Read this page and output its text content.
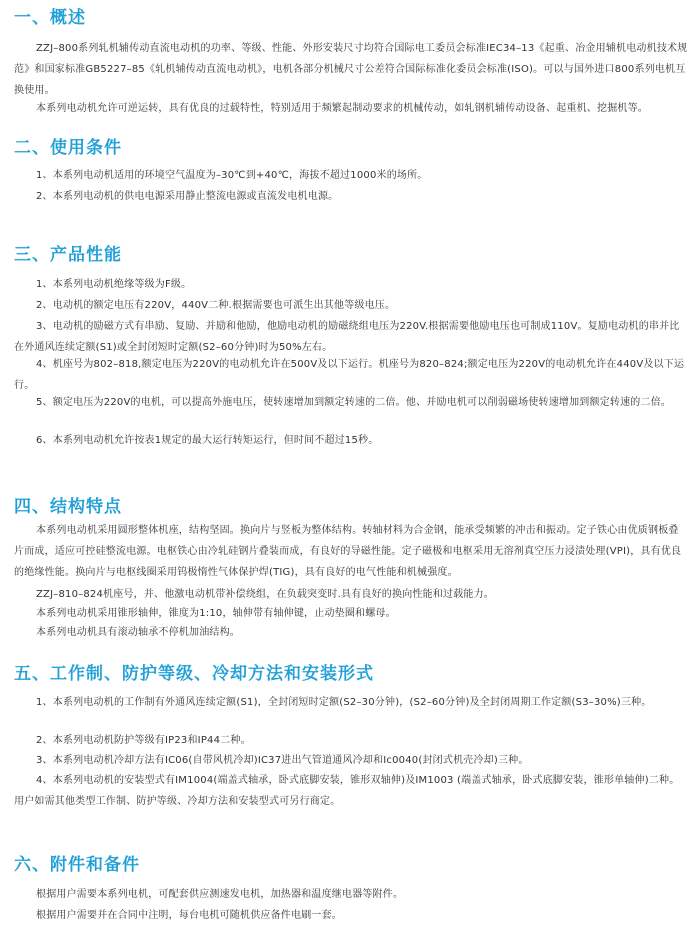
一、概述

ZZJ–800系列轧机辅传动直流电动机的功率、等级、性能、外形安装尺寸均符合国际电工委员会标准IEC34–13《起重、冶金用辅机电动机技术规范》和国家标准GB5227–85《轧机辅传动直流电动机》，电机各部分机械尺寸公差符合国际标准化委员会标准(ISO)。可以与国外进口800系列电机互换使用。

本系列电动机允许可逆运转，具有优良的过载特性，特别适用于频繁起制动要求的机械传动，如轧钢机辅传动设备、起重机、挖掘机等。

二、使用条件

1、本系列电动机适用的环境空气温度为–30℃到+40℃，海拔不超过1000米的场所。

2、本系列电动机的供电电源采用静止整流电源或直流发电机电源。

三、产品性能

1、本系列电动机绝缘等级为F级。

2、电动机的额定电压有220V，440V二种.根据需要也可派生出其他等级电压。

3、电动机的励磁方式有串励、复励、并励和他励，他励电动机的励磁绕组电压为220V.根据需要他励电压也可制成110V。复励电动机的串并比在外通风连续定额(S1)或全封闭短时定额(S2–60分钟)时为50%左右。

4、机座号为802–818,额定电压为220V的电动机允许在500V及以下运行。机座号为820–824;额定电压为220V的电动机允许在440V及以下运行。

5、额定电压为220V的电机，可以提高外施电压，使转速增加到额定转速的二倍。他、并励电机可以削弱磁场使转速增加到额定转速的二倍。

6、本系列电动机允许按表1规定的最大运行转矩运行，但时间不超过15秒。

四、结构特点

本系列电动机采用圆形整体机座，结构坚固。换向片与竖板为整体结构。转轴材料为合金钢，能承受频繁的冲击和振动。定子铁心由优质钢板叠片而成，适应可控硅整流电源。电枢铁心由冷轧硅钢片叠装而成，有良好的导磁性能。定子磁极和电枢采用无溶剂真空压力浸渍处理(VPI)，具有优良的绝缘性能。换向片与电枢线圈采用钨极惰性气体保护焊(TIG)，具有良好的电气性能和机械强度。

ZZJ–810–824机座号，并、他激电动机带补偿绕组，在负载突变时.具有良好的换向性能和过载能力。

本系列电动机采用锥形轴伸，锥度为1:10，轴伸带有轴伸键，止动垫圈和螺母。

本系列电动机具有滚动轴承不停机加油结构。

五、工作制、防护等级、冷却方法和安装形式

1、本系列电动机的工作制有外通风连续定额(S1)，全封闭短时定额(S2–30分钟)，(S2–60分钟)及全封闭周期工作定额(S3–30%)三种。

2、本系列电动机防护等级有IP23和IP44二种。

3、本系列电动机冷却方法有IC06(自带风机冷却)IC37进出气管道通风冷却和Ic0040(封闭式机壳冷却)三种。

4、本系列电动机的安装型式有IM1004(端盖式轴承，卧式底脚安装，锥形双轴伸)及IM1003 (端盖式轴承，卧式底脚安装，锥形单轴伸)二种。用户如需其他类型工作制、防护等级、冷却方法和安装型式可另行商定。

六、附件和备件

根据用户需要本系列电机，可配套供应测速发电机，加热器和温度继电器等附件。

根据用户需要并在合同中注明，每台电机可随机供应备件电刷一套。
